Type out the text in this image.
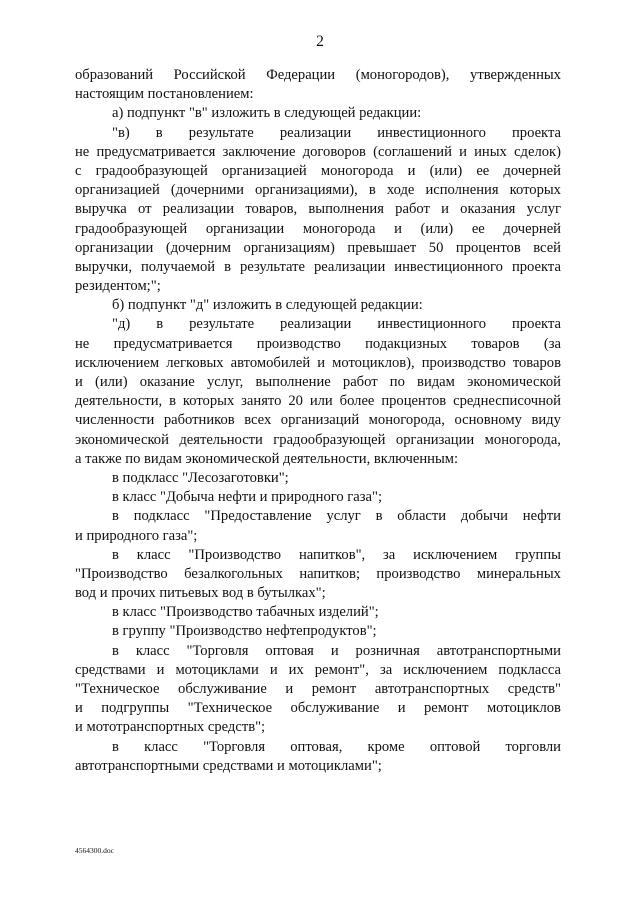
2
образований Российской Федерации (моногородов), утвержденных
настоящим постановлением:
а) подпункт "в" изложить в следующей редакции:
"в) в результате реализации инвестиционного проекта
не предусматривается заключение договоров (соглашений и иных сделок)
с градообразующей организацией моногорода и (или) ее дочерней
организацией (дочерними организациями), в ходе исполнения которых
выручка от реализации товаров, выполнения работ и оказания услуг
градообразующей организации моногорода и (или) ее дочерней
организации (дочерним организациям) превышает 50 процентов всей
выручки, получаемой в результате реализации инвестиционного проекта
резидентом;";
б) подпункт "д" изложить в следующей редакции:
"д) в результате реализации инвестиционного проекта
не предусматривается производство подакцизных товаров (за
исключением легковых автомобилей и мотоциклов), производство товаров
и (или) оказание услуг, выполнение работ по видам экономической
деятельности, в которых занято 20 или более процентов среднесписочной
численности работников всех организаций моногорода, основному виду
экономической деятельности градообразующей организации моногорода,
а также по видам экономической деятельности, включенным:
в подкласс "Лесозаготовки";
в класс "Добыча нефти и природного газа";
в подкласс "Предоставление услуг в области добычи нефти
и природного газа";
в класс "Производство напитков", за исключением группы
"Производство безалкогольных напитков; производство минеральных
вод и прочих питьевых вод в бутылках";
в класс "Производство табачных изделий";
в группу "Производство нефтепродуктов";
в класс "Торговля оптовая и розничная автотранспортными
средствами и мотоциклами и их ремонт", за исключением подкласса
"Техническое обслуживание и ремонт автотранспортных средств"
и подгруппы "Техническое обслуживание и ремонт мотоциклов
и мототранспортных средств";
в класс "Торговля оптовая, кроме оптовой торговли
автотранспортными средствами и мотоциклами";
4564300.doc
